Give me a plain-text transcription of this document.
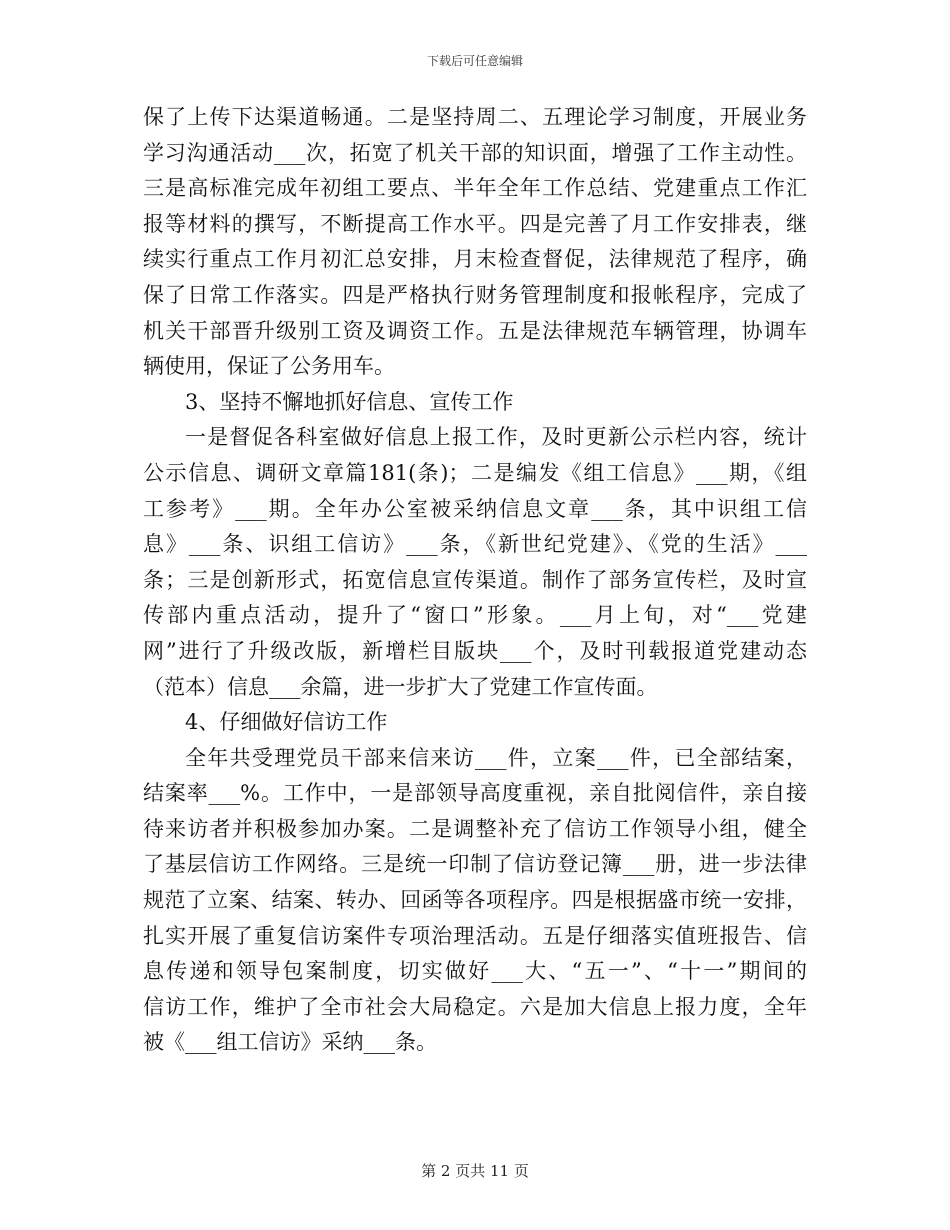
下载后可任意编辑
保了上传下达渠道畅通。二是坚持周二、五理论学习制度，开展业务
学习沟通活动___次，拓宽了机关干部的知识面，增强了工作主动性。
三是高标准完成年初组工要点、半年全年工作总结、党建重点工作汇
报等材料的撰写，不断提高工作水平。四是完善了月工作安排表，继
续实行重点工作月初汇总安排，月末检查督促，法律规范了程序，确
保了日常工作落实。四是严格执行财务管理制度和报帐程序，完成了
机关干部晋升级别工资及调资工作。五是法律规范车辆管理，协调车
辆使用，保证了公务用车。
3、坚持不懈地抓好信息、宣传工作
一是督促各科室做好信息上报工作，及时更新公示栏内容，统计
公示信息、调研文章篇181(条)；二是编发《组工信息》___期，《组
工参考》___期。全年办公室被采纳信息文章___条，其中识组工信
息》___条、识组工信访》___条，《新世纪党建》、《党的生活》___
条；三是创新形式，拓宽信息宣传渠道。制作了部务宣传栏，及时宣
传部内重点活动，提升了“窗口”形象。___月上旬，对“___党建
网”进行了升级改版，新增栏目版块___个，及时刊载报道党建动态
（范本）信息___余篇，进一步扩大了党建工作宣传面。
4、仔细做好信访工作
全年共受理党员干部来信来访___件，立案___件，已全部结案，
结案率___%。工作中，一是部领导高度重视，亲自批阅信件，亲自接
待来访者并积极参加办案。二是调整补充了信访工作领导小组，健全
了基层信访工作网络。三是统一印制了信访登记簿___册，进一步法律
规范了立案、结案、转办、回函等各项程序。四是根据盛市统一安排，
扎实开展了重复信访案件专项治理活动。五是仔细落实值班报告、信
息传递和领导包案制度，切实做好___大、“五一”、“十一”期间的
信访工作，维护了全市社会大局稳定。六是加大信息上报力度，全年
被《___组工信访》采纳___条。
第 2 页共 11 页
